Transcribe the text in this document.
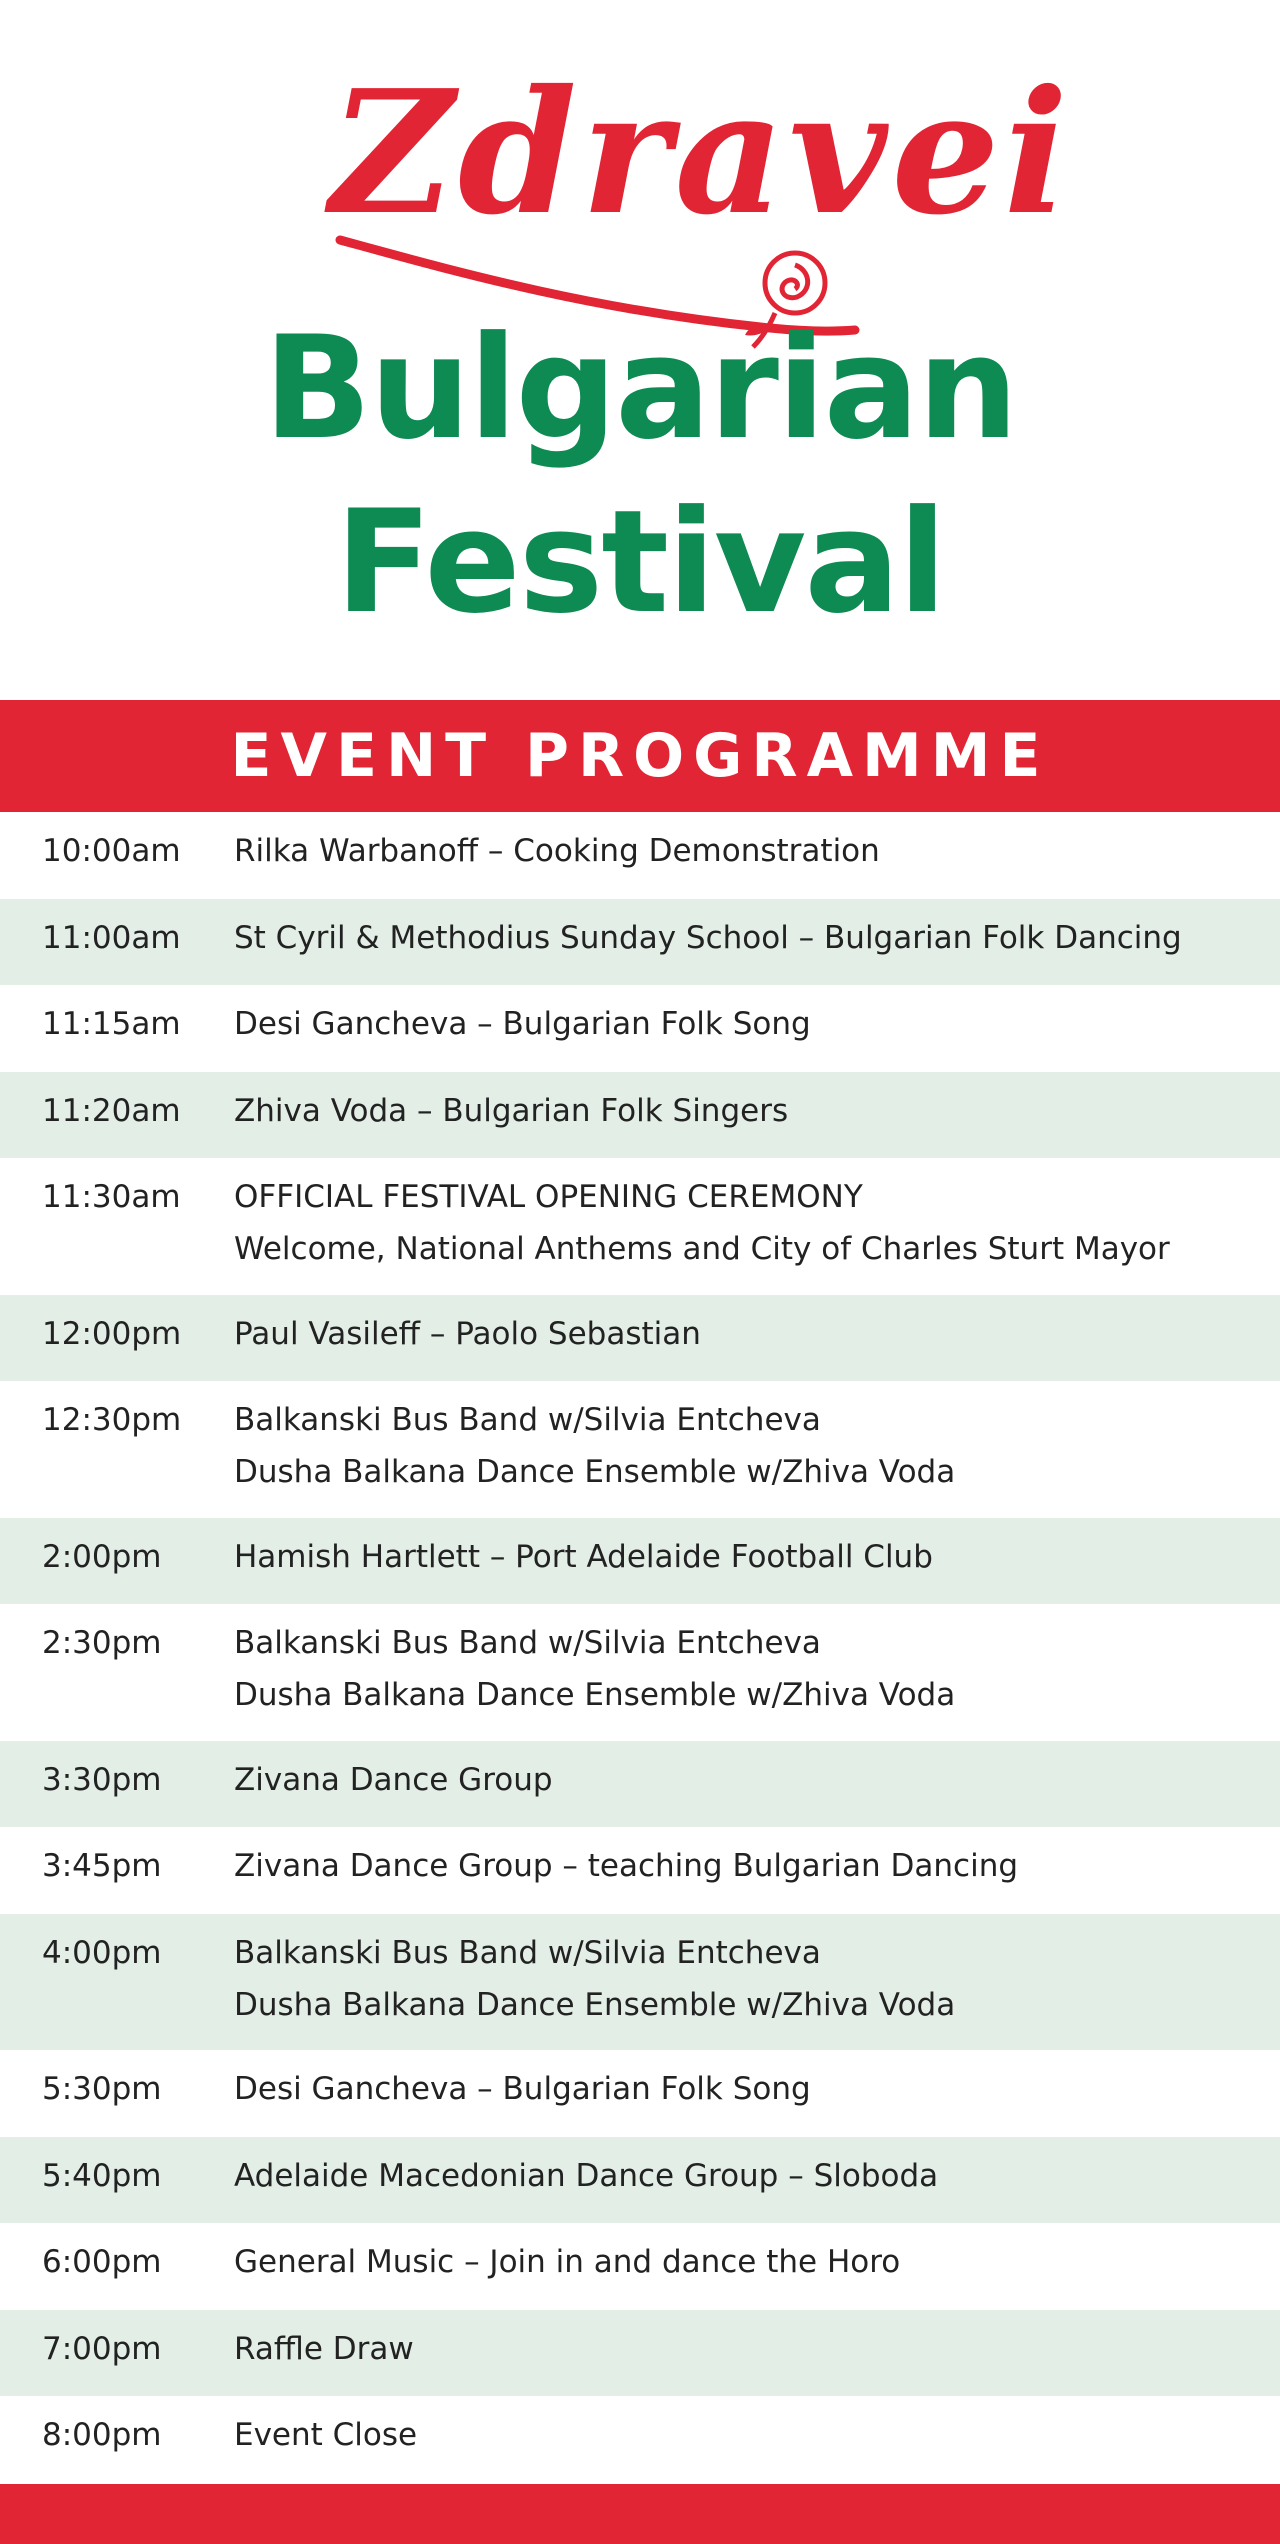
Zdravei
Bulgarian
Festival
EVENT PROGRAMME
10:00am Rilka Warbanoff – Cooking Demonstration
11:00am St Cyril & Methodius Sunday School – Bulgarian Folk Dancing
11:15am Desi Gancheva – Bulgarian Folk Song
11:20am Zhiva Voda – Bulgarian Folk Singers
11:30am OFFICIAL FESTIVAL OPENING CEREMONY
Welcome, National Anthems and City of Charles Sturt Mayor
12:00pm Paul Vasileff – Paolo Sebastian
12:30pm Balkanski Bus Band w/Silvia Entcheva
Dusha Balkana Dance Ensemble w/Zhiva Voda
2:00pm Hamish Hartlett – Port Adelaide Football Club
2:30pm Balkanski Bus Band w/Silvia Entcheva
Dusha Balkana Dance Ensemble w/Zhiva Voda
3:30pm Zivana Dance Group
3:45pm Zivana Dance Group – teaching Bulgarian Dancing
4:00pm Balkanski Bus Band w/Silvia Entcheva
Dusha Balkana Dance Ensemble w/Zhiva Voda
5:30pm Desi Gancheva – Bulgarian Folk Song
5:40pm Adelaide Macedonian Dance Group – Sloboda
6:00pm General Music – Join in and dance the Horo
7:00pm Raffle Draw
8:00pm Event Close
